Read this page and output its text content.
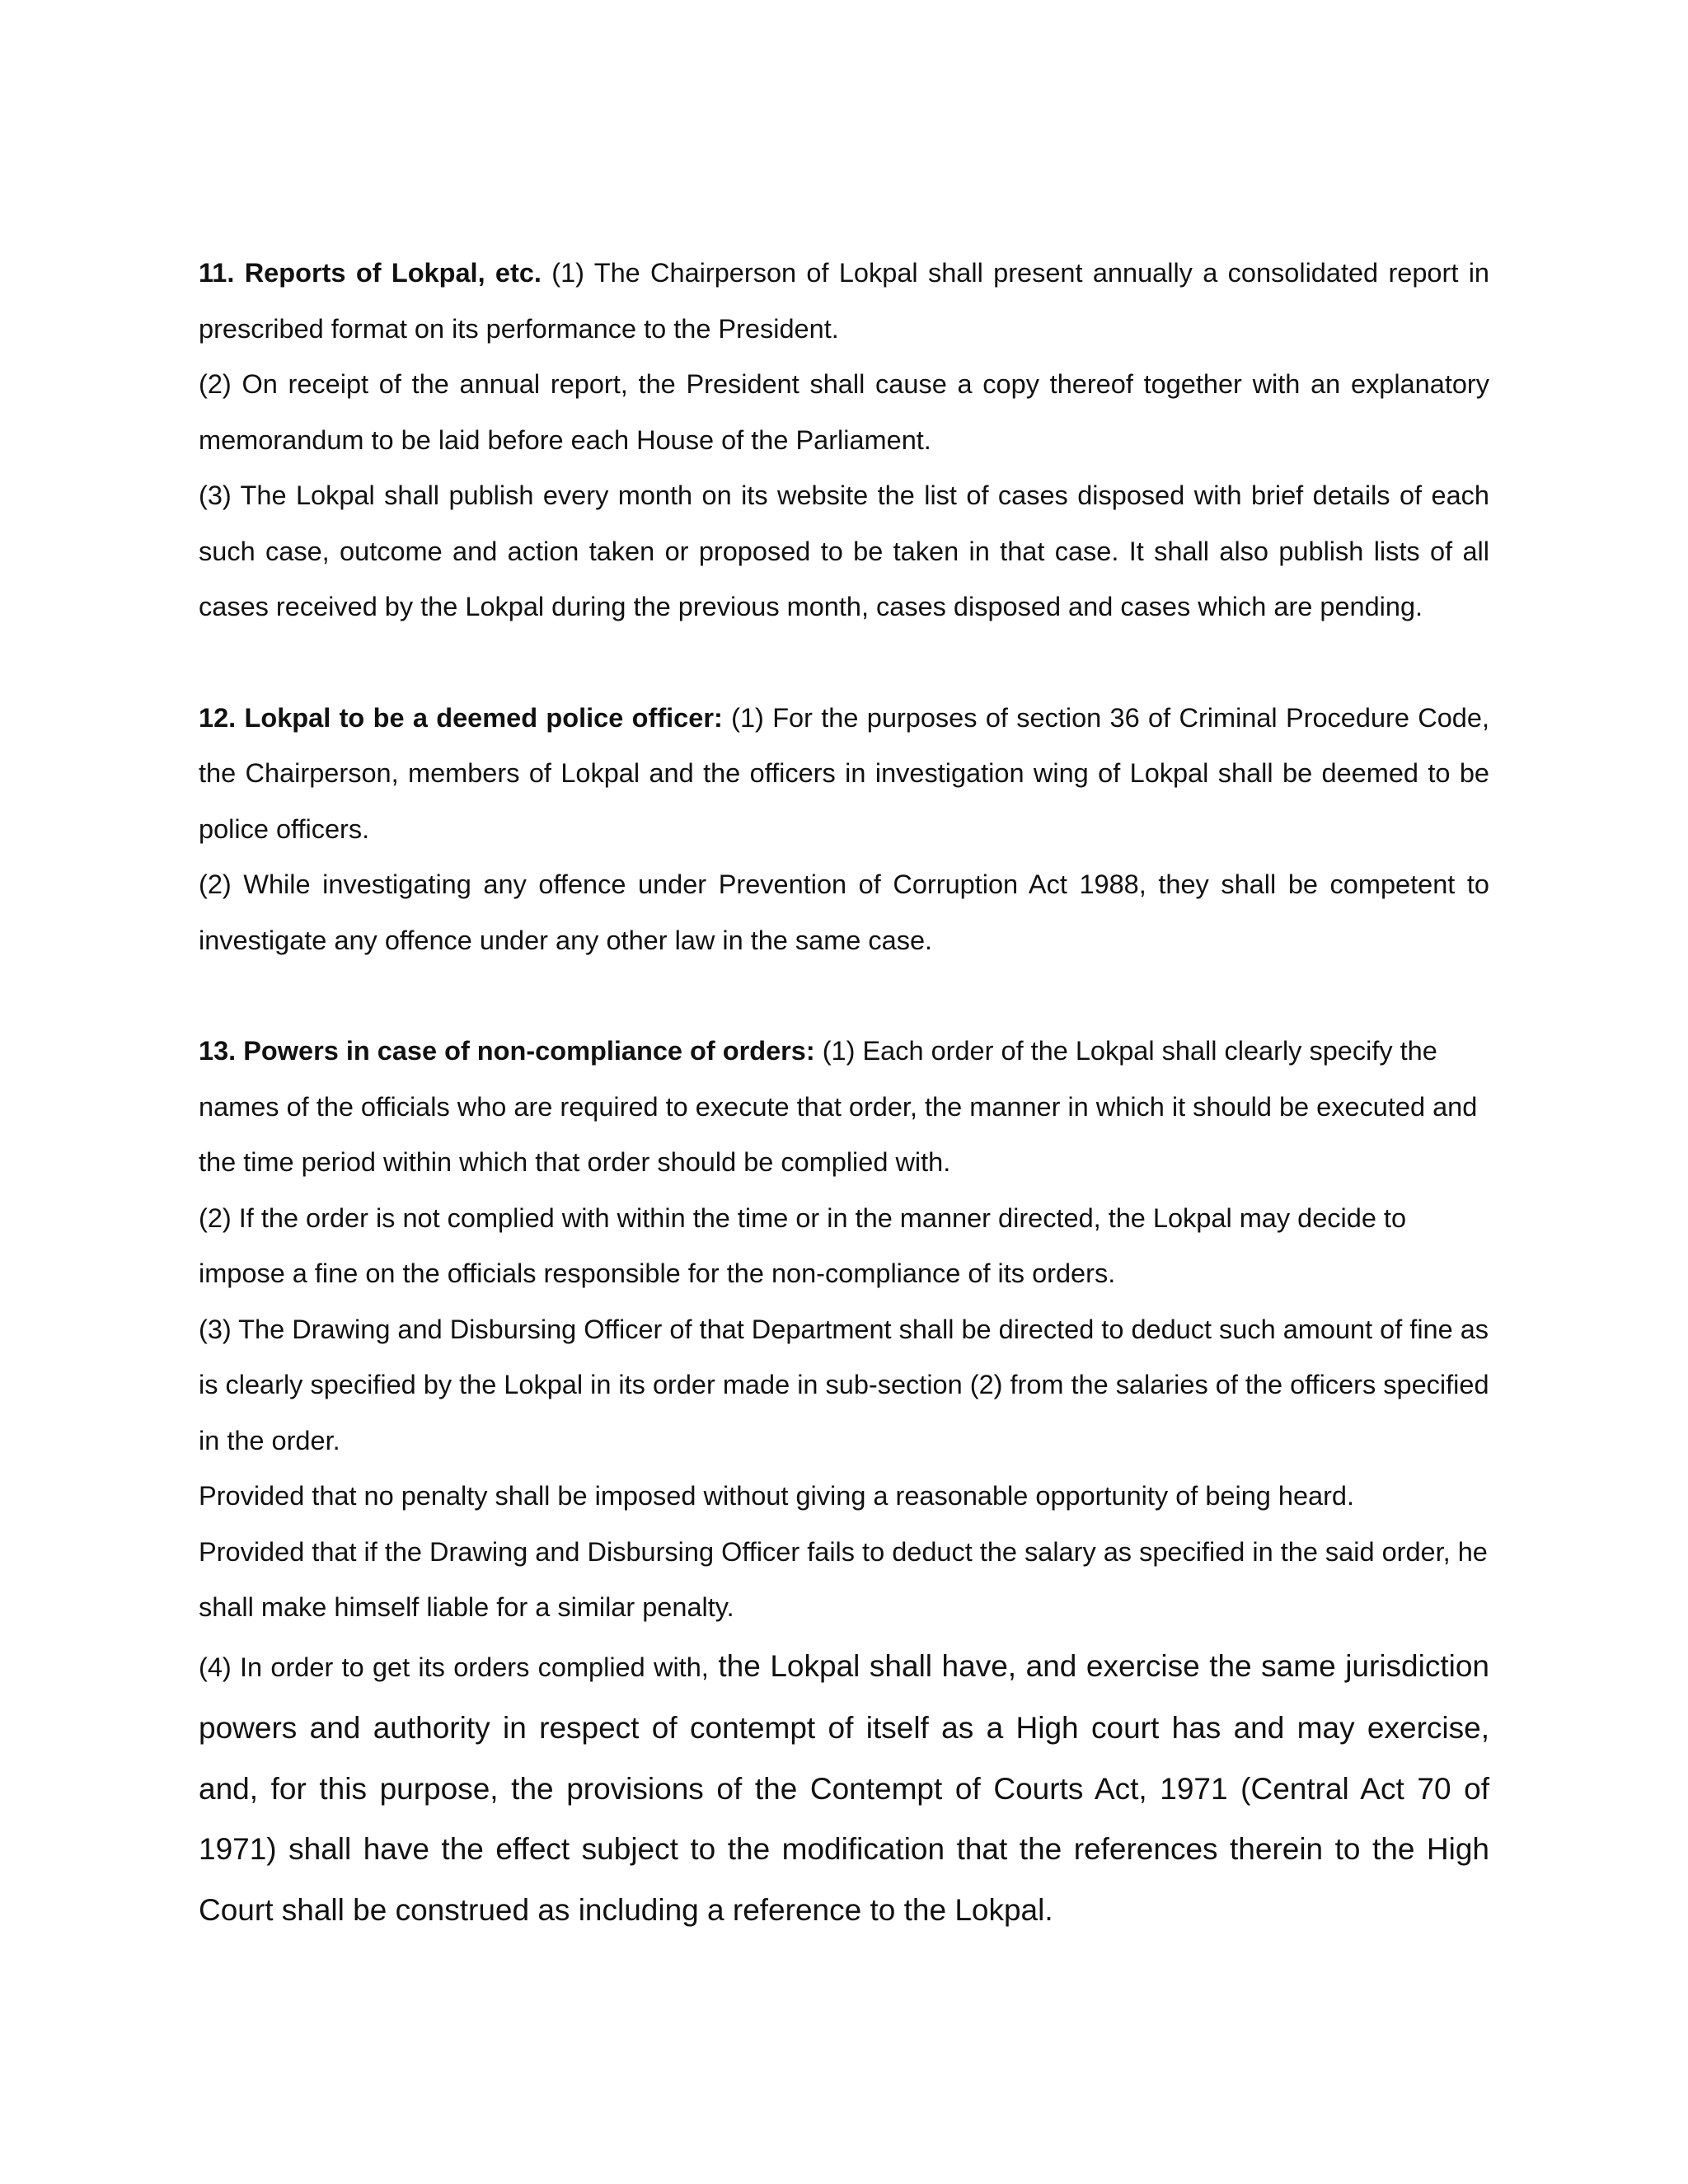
11. Reports of Lokpal, etc. (1) The Chairperson of Lokpal shall present annually a consolidated report in prescribed format on its performance to the President.

(2) On receipt of the annual report, the President shall cause a copy thereof together with an explanatory memorandum to be laid before each House of the Parliament.

(3) The Lokpal shall publish every month on its website the list of cases disposed with brief details of each such case, outcome and action taken or proposed to be taken in that case. It shall also publish lists of all cases received by the Lokpal during the previous month, cases disposed and cases which are pending.

12. Lokpal to be a deemed police officer: (1) For the purposes of section 36 of Criminal Procedure Code, the Chairperson, members of Lokpal and the officers in investigation wing of Lokpal shall be deemed to be police officers.

(2) While investigating any offence under Prevention of Corruption Act 1988, they shall be competent to investigate any offence under any other law in the same case.

13. Powers in case of non-compliance of orders: (1) Each order of the Lokpal shall clearly specify the names of the officials who are required to execute that order, the manner in which it should be executed and the time period within which that order should be complied with.

(2) If the order is not complied with within the time or in the manner directed, the Lokpal may decide to impose a fine on the officials responsible for the non-compliance of its orders.

(3) The Drawing and Disbursing Officer of that Department shall be directed to deduct such amount of fine as is clearly specified by the Lokpal in its order made in sub-section (2) from the salaries of the officers specified in the order.

Provided that no penalty shall be imposed without giving a reasonable opportunity of being heard.

Provided that if the Drawing and Disbursing Officer fails to deduct the salary as specified in the said order, he shall make himself liable for a similar penalty.

(4) In order to get its orders complied with, the Lokpal shall have, and exercise the same jurisdiction powers and authority in respect of contempt of itself as a High court has and may exercise, and, for this purpose, the provisions of the Contempt of Courts Act, 1971 (Central Act 70 of 1971) shall have the effect subject to the modification that the references therein to the High Court shall be construed as including a reference to the Lokpal.
